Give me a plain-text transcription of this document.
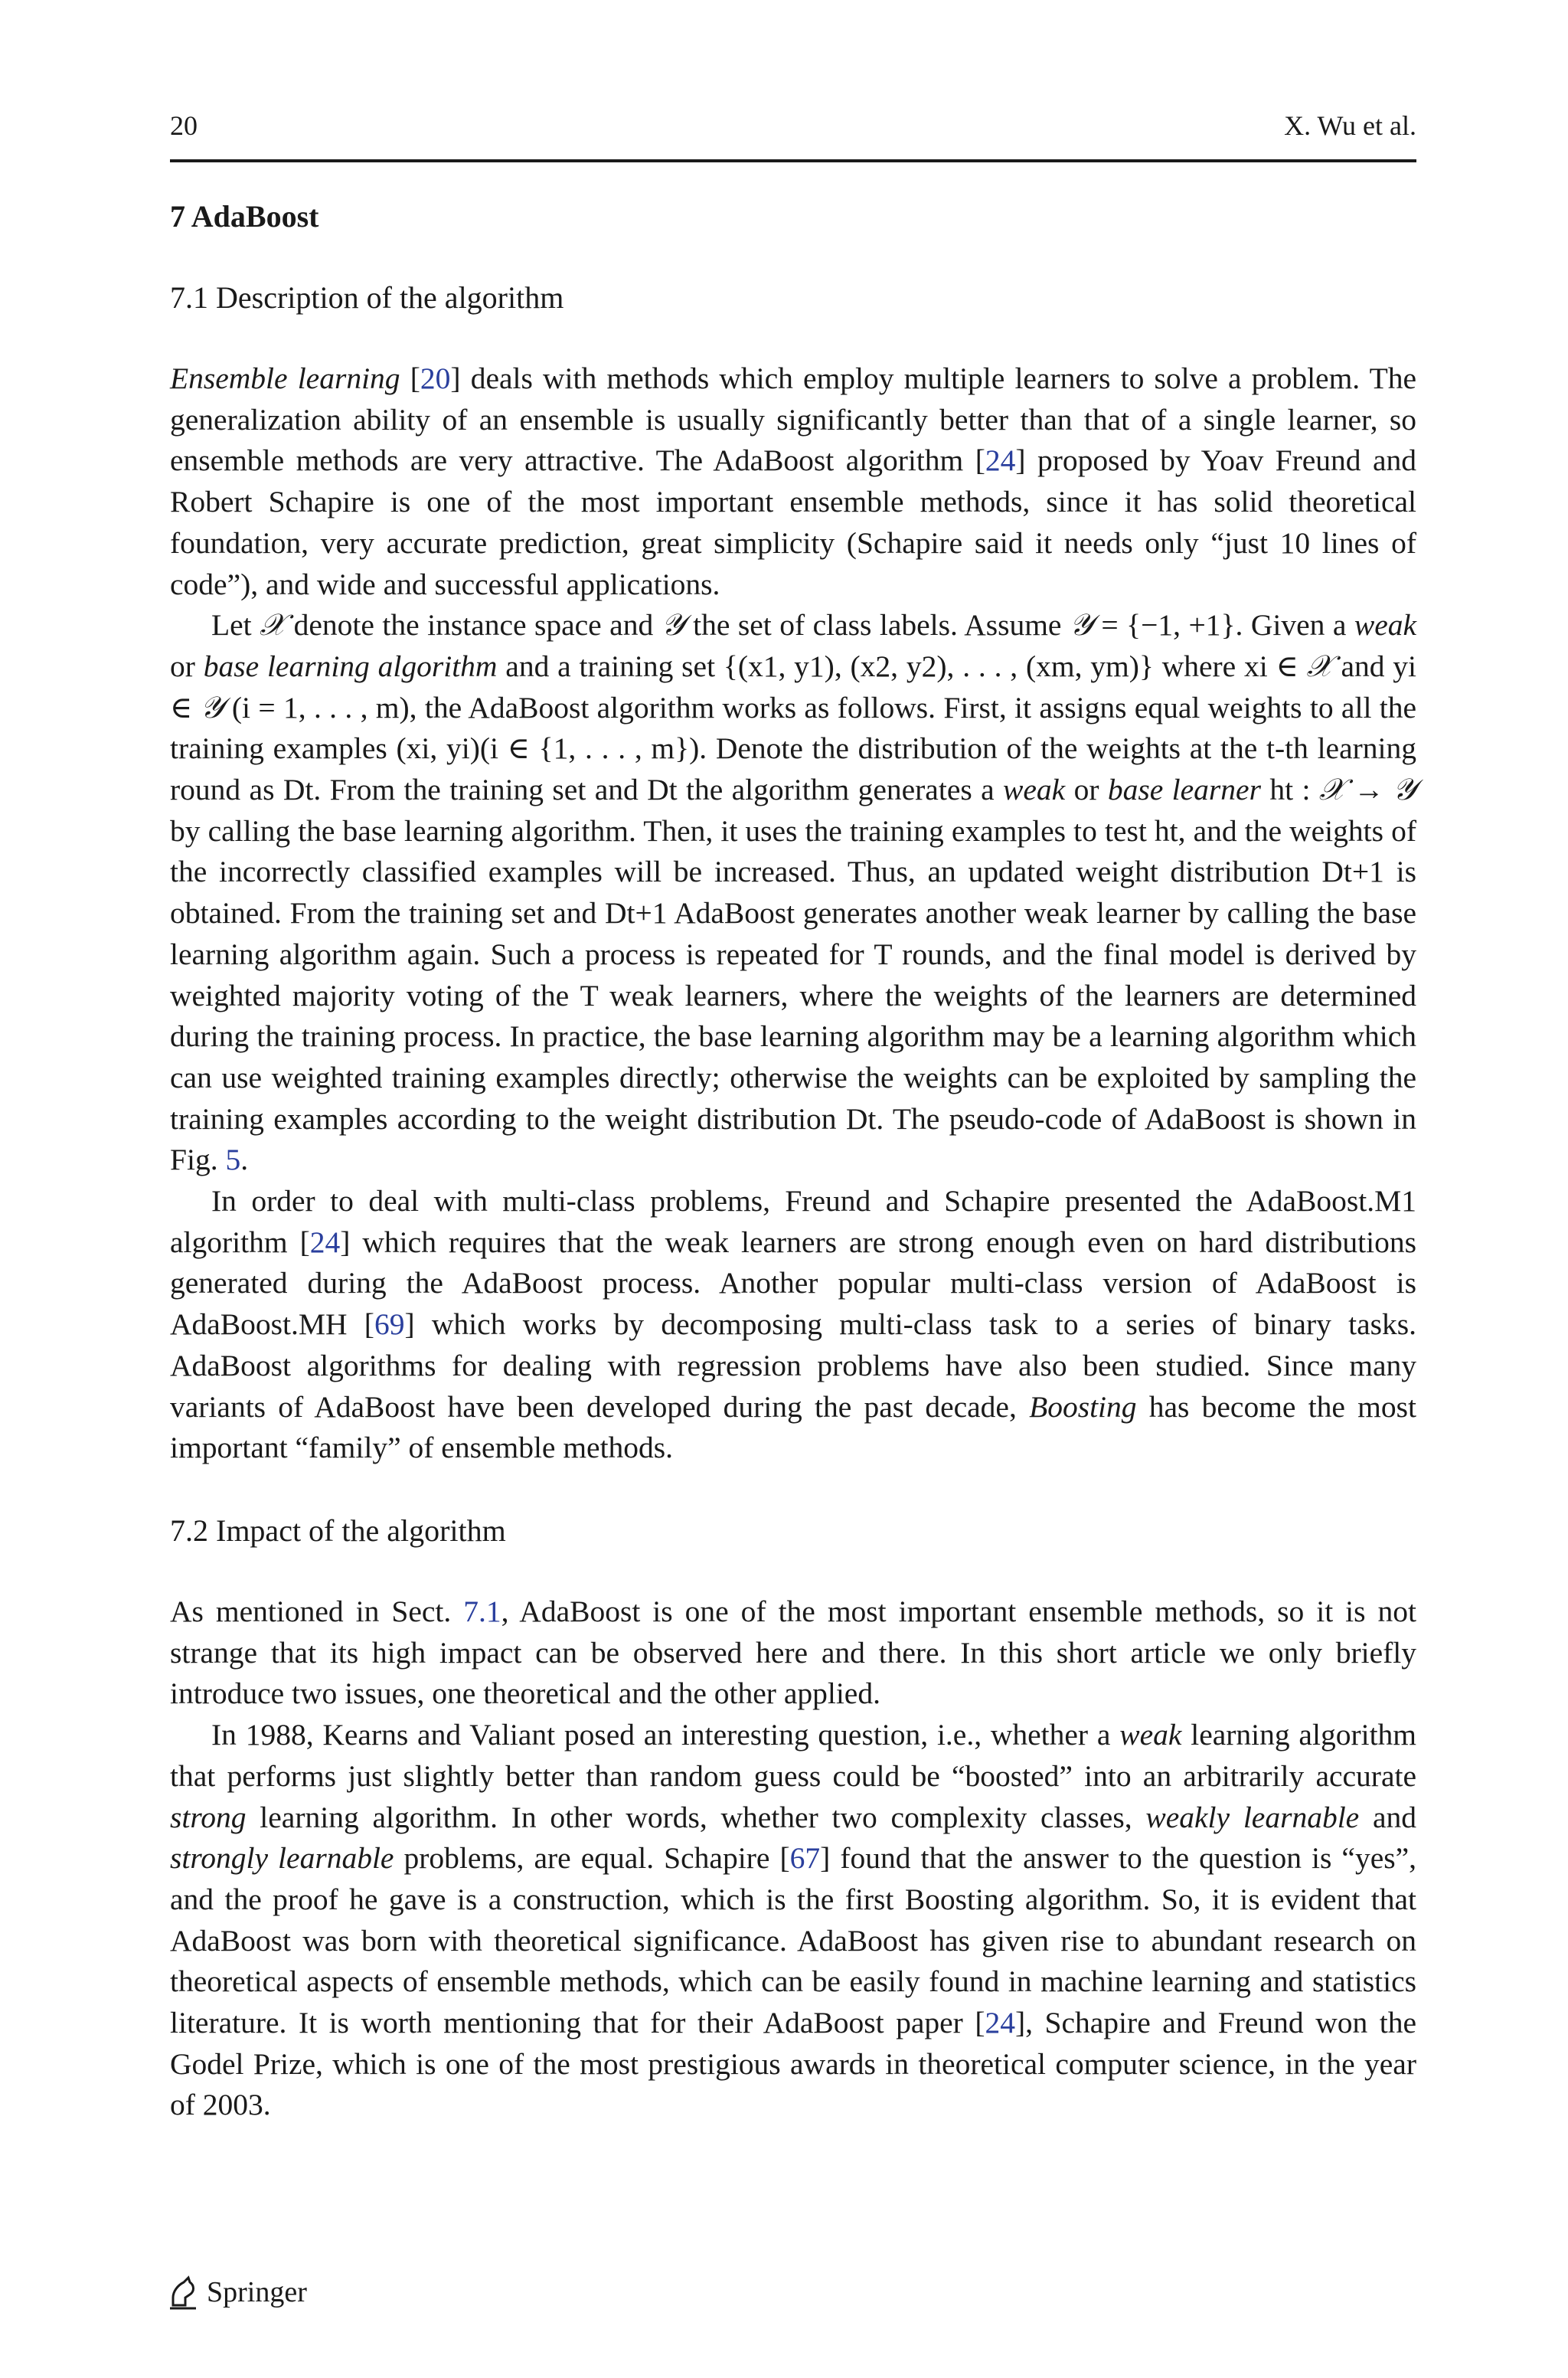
20	X. Wu et al.
7 AdaBoost
7.1 Description of the algorithm

Ensemble learning [20] deals with methods which employ multiple learners to solve a problem. The generalization ability of an ensemble is usually significantly better than that of a single learner, so ensemble methods are very attractive. The AdaBoost algorithm [24] proposed by Yoav Freund and Robert Schapire is one of the most important ensemble methods, since it has solid theoretical foundation, very accurate prediction, great simplicity (Schapire said it needs only “just 10 lines of code”), and wide and successful applications.

Let 𝒳 denote the instance space and 𝒴 the set of class labels. Assume 𝒴 = {−1, +1}. Given a weak or base learning algorithm and a training set {(x1, y1), (x2, y2), . . . , (xm, ym)} where xi ∈ 𝒳 and yi ∈ 𝒴 (i = 1, . . . , m), the AdaBoost algorithm works as follows. First, it assigns equal weights to all the training examples (xi, yi)(i ∈ {1, . . . , m}). Denote the distribution of the weights at the t-th learning round as Dt. From the training set and Dt the algorithm generates a weak or base learner ht : 𝒳 → 𝒴 by calling the base learning algorithm. Then, it uses the training examples to test ht, and the weights of the incorrectly classified examples will be increased. Thus, an updated weight distribution Dt+1 is obtained. From the training set and Dt+1 AdaBoost generates another weak learner by calling the base learning algorithm again. Such a process is repeated for T rounds, and the final model is derived by weighted majority voting of the T weak learners, where the weights of the learners are determined during the training process. In practice, the base learning algorithm may be a learning algorithm which can use weighted training examples directly; otherwise the weights can be exploited by sampling the training examples according to the weight distribution Dt. The pseudo-code of AdaBoost is shown in Fig. 5.

In order to deal with multi-class problems, Freund and Schapire presented the AdaBoost.M1 algorithm [24] which requires that the weak learners are strong enough even on hard distributions generated during the AdaBoost process. Another popular multi-class version of AdaBoost is AdaBoost.MH [69] which works by decomposing multi-class task to a series of binary tasks. AdaBoost algorithms for dealing with regression problems have also been studied. Since many variants of AdaBoost have been developed during the past decade, Boosting has become the most important “family” of ensemble methods.

7.2 Impact of the algorithm

As mentioned in Sect. 7.1, AdaBoost is one of the most important ensemble methods, so it is not strange that its high impact can be observed here and there. In this short article we only briefly introduce two issues, one theoretical and the other applied.

In 1988, Kearns and Valiant posed an interesting question, i.e., whether a weak learning algorithm that performs just slightly better than random guess could be “boosted” into an arbitrarily accurate strong learning algorithm. In other words, whether two complexity classes, weakly learnable and strongly learnable problems, are equal. Schapire [67] found that the answer to the question is “yes”, and the proof he gave is a construction, which is the first Boosting algorithm. So, it is evident that AdaBoost was born with theoretical significance. AdaBoost has given rise to abundant research on theoretical aspects of ensemble methods, which can be easily found in machine learning and statistics literature. It is worth mentioning that for their AdaBoost paper [24], Schapire and Freund won the Godel Prize, which is one of the most prestigious awards in theoretical computer science, in the year of 2003.

Springer
